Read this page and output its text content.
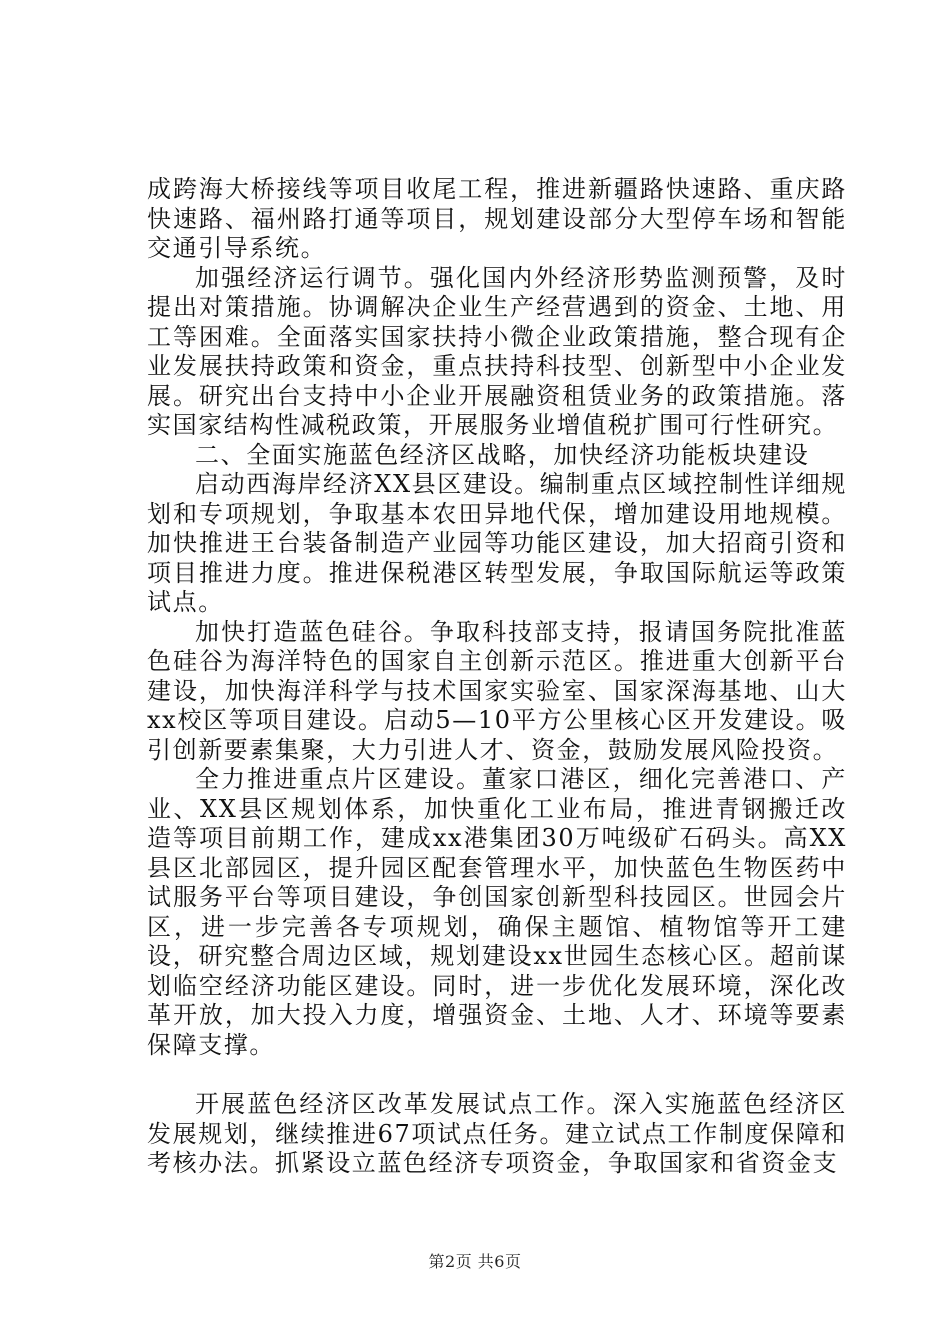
成跨海大桥接线等项目收尾工程，推进新疆路快速路、重庆路快速路、福州路打通等项目，规划建设部分大型停车场和智能交通引导系统。

加强经济运行调节。强化国内外经济形势监测预警，及时提出对策措施。协调解决企业生产经营遇到的资金、土地、用工等困难。全面落实国家扶持小微企业政策措施，整合现有企业发展扶持政策和资金，重点扶持科技型、创新型中小企业发展。研究出台支持中小企业开展融资租赁业务的政策措施。落实国家结构性减税政策，开展服务业增值税扩围可行性研究。

二、全面实施蓝色经济区战略，加快经济功能板块建设

启动西海岸经济XX县区建设。编制重点区域控制性详细规划和专项规划，争取基本农田异地代保，增加建设用地规模。加快推进王台装备制造产业园等功能区建设，加大招商引资和项目推进力度。推进保税港区转型发展，争取国际航运等政策试点。

加快打造蓝色硅谷。争取科技部支持，报请国务院批准蓝色硅谷为海洋特色的国家自主创新示范区。推进重大创新平台建设，加快海洋科学与技术国家实验室、国家深海基地、山大xx校区等项目建设。启动5—10平方公里核心区开发建设。吸引创新要素集聚，大力引进人才、资金，鼓励发展风险投资。

全力推进重点片区建设。董家口港区，细化完善港口、产业、XX县区规划体系，加快重化工业布局，推进青钢搬迁改造等项目前期工作，建成xx港集团30万吨级矿石码头。高XX县区北部园区，提升园区配套管理水平，加快蓝色生物医药中试服务平台等项目建设，争创国家创新型科技园区。世园会片区，进一步完善各专项规划，确保主题馆、植物馆等开工建设，研究整合周边区域，规划建设xx世园生态核心区。超前谋划临空经济功能区建设。同时，进一步优化发展环境，深化改革开放，加大投入力度，增强资金、土地、人才、环境等要素保障支撑。

开展蓝色经济区改革发展试点工作。深入实施蓝色经济区发展规划，继续推进67项试点任务。建立试点工作制度保障和考核办法。抓紧设立蓝色经济专项资金，争取国家和省资金支

第2页 共6页
